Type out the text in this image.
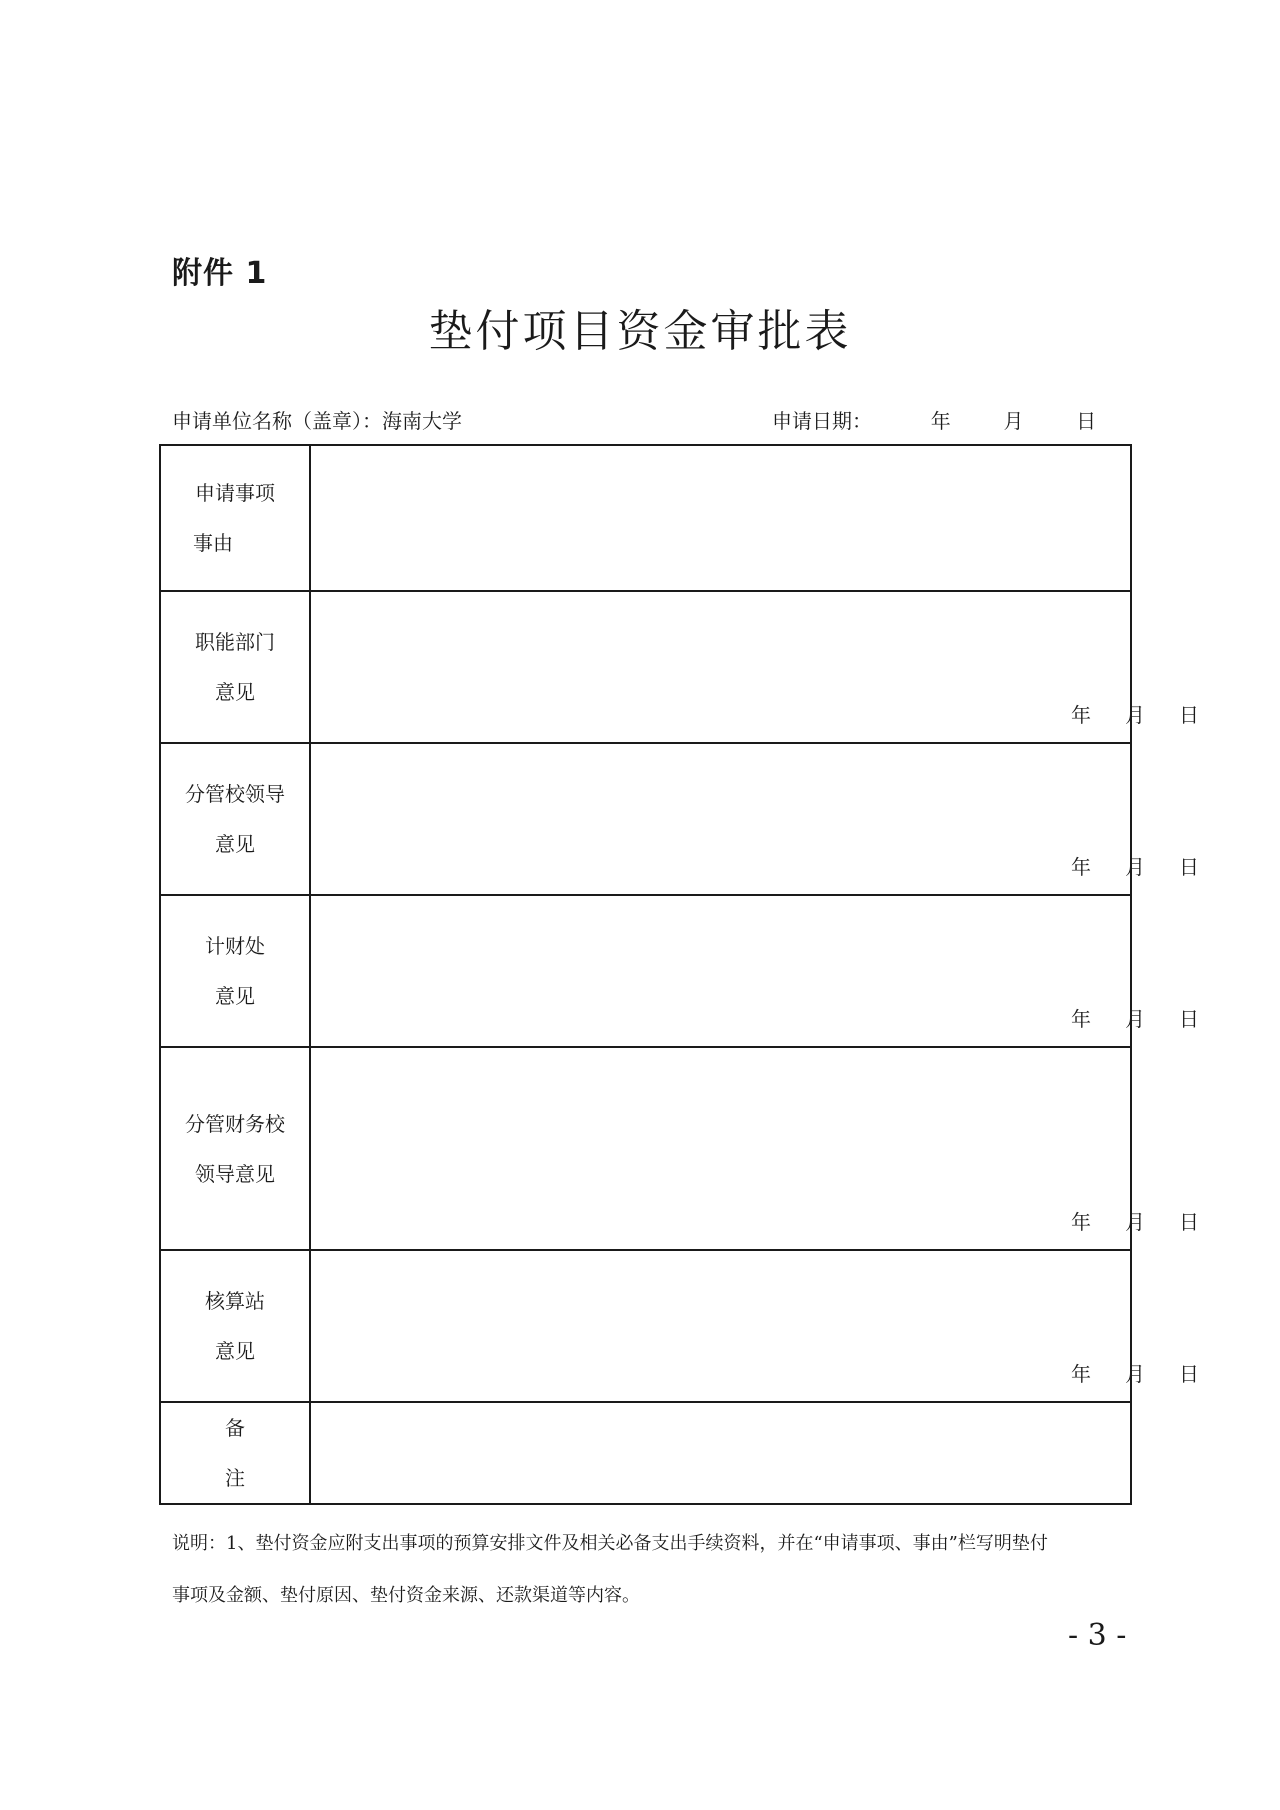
附件 1
垫付项目资金审批表
申请单位名称（盖章）：海南大学	申请日期：	年	月	日
申请事项
事由	

职能部门
意见	年 月 日

分管校领导
意见	年 月 日

计财处
意见	年 月 日

分管财务校
领导意见	年 月 日

核算站
意见	年 月 日

备
注	

说明：1、垫付资金应附支出事项的预算安排文件及相关必备支出手续资料，并在“申请事项、事由”栏写明垫付
事项及金额、垫付原因、垫付资金来源、还款渠道等内容。
- 3 -
